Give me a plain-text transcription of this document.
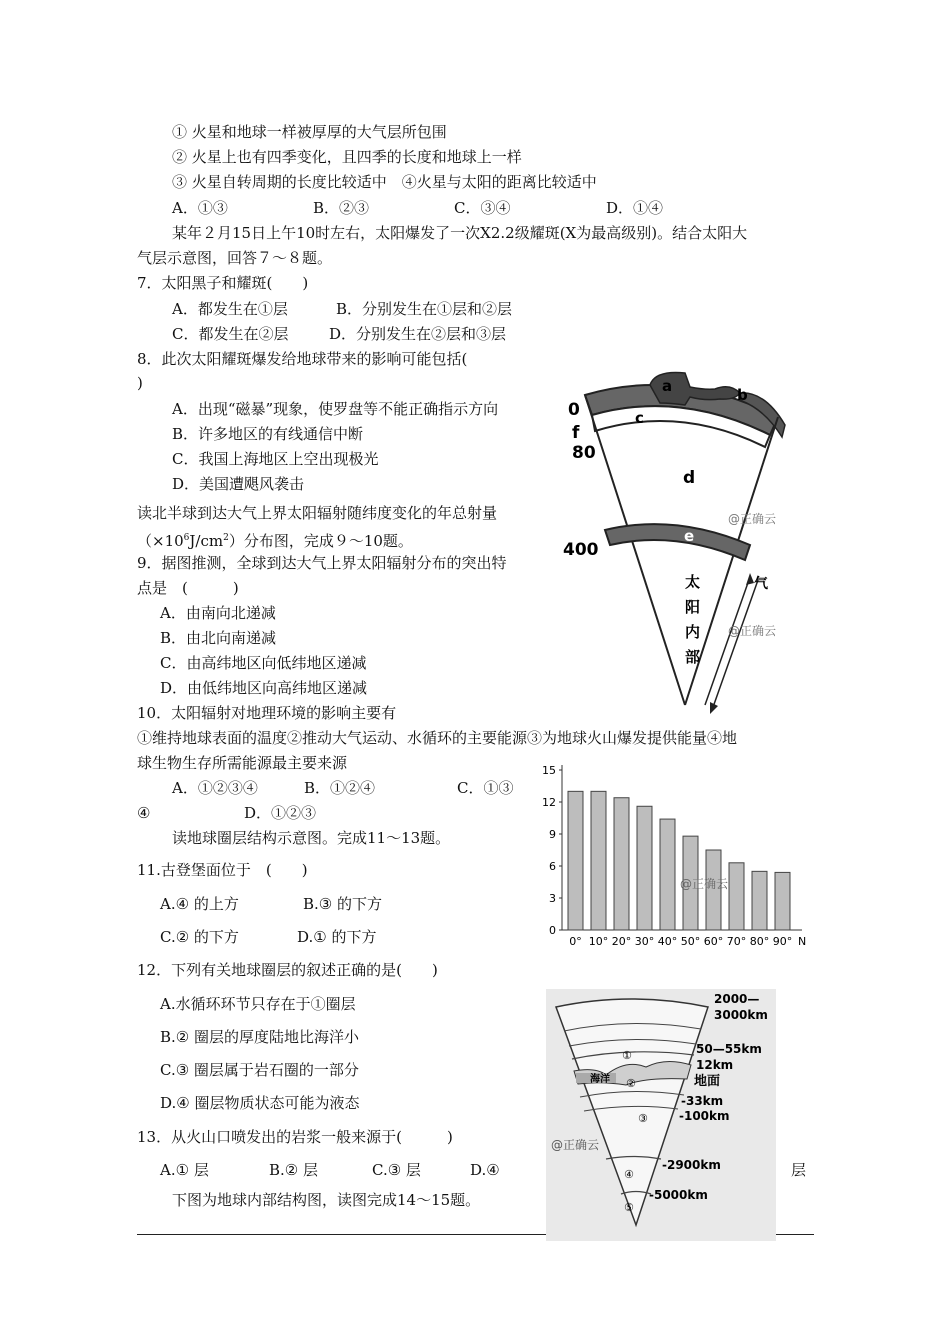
① 火星和地球一样被厚厚的大气层所包围
② 火星上也有四季变化，且四季的长度和地球上一样
③ 火星自转周期的长度比较适中　④火星与太阳的距离比较适中
A．①③	B．②③	C．③④	D．①④
某年２月15日上午10时左右，太阳爆发了一次X2.2级耀斑(X为最高级别)。结合太阳大
气层示意图，回答７～８题。
7．太阳黑子和耀斑(　　)
A．都发生在①层	B．分别发生在①层和②层
C．都发生在②层	D．分别发生在②层和③层
8．此次太阳耀斑爆发给地球带来的影响可能包括(
)
A．出现“磁暴”现象，使罗盘等不能正确指示方向
B．许多地区的有线通信中断
C．我国上海地区上空出现极光
D．美国遭飓风袭击
读北半球到达大气上界太阳辐射随纬度变化的年总射量
$(\times 10^6J/cm^2)$分布图，完成９～10题。
9．据图推测，全球到达大气上界太阳辐射分布的突出特
点是　(　　　)
A．由南向北递减
B．由北向南递减
C．由高纬地区向低纬地区递减
D．由低纬地区向高纬地区递减
10．太阳辐射对地理环境的影响主要有
①维持地球表面的温度②推动大气运动、水循环的主要能源③为地球火山爆发提供能量④地
球生物生存所需能源最主要来源
A．①②③④	B．①②④	C．①③
④	D．①②③
读地球圈层结构示意图。完成11～13题。
11.古登堡面位于　(　　)
A.④ 的上方	B.③ 的下方
C.② 的下方	D.① 的下方
12．下列有关地球圈层的叙述正确的是(　　)
A.水循环环节只存在于①圈层
B.② 圈层的厚度陆地比海洋小
C.③ 圈层属于岩石圈的一部分
D.④ 圈层物质状态可能为液态
13．从火山口喷发出的岩浆一般来源于(　　　)
A.① 层	B.② 层	C.③ 层	D.④	层
下图为地球内部结构图，读图完成14～15题。
a	b
c
d
e
f
0
80
400
太
阳
内
部
气
@正确云
@正确云
0
3
6
9
12
15
0° 10° 20° 30° 40° 50° 60° 70° 80° 90° N
@正确云
①
②
③
④
⑤
海洋
2000—
3000km
50—55km
12km
地面
-33km
-100km
-2900km
-5000km
@正确云
